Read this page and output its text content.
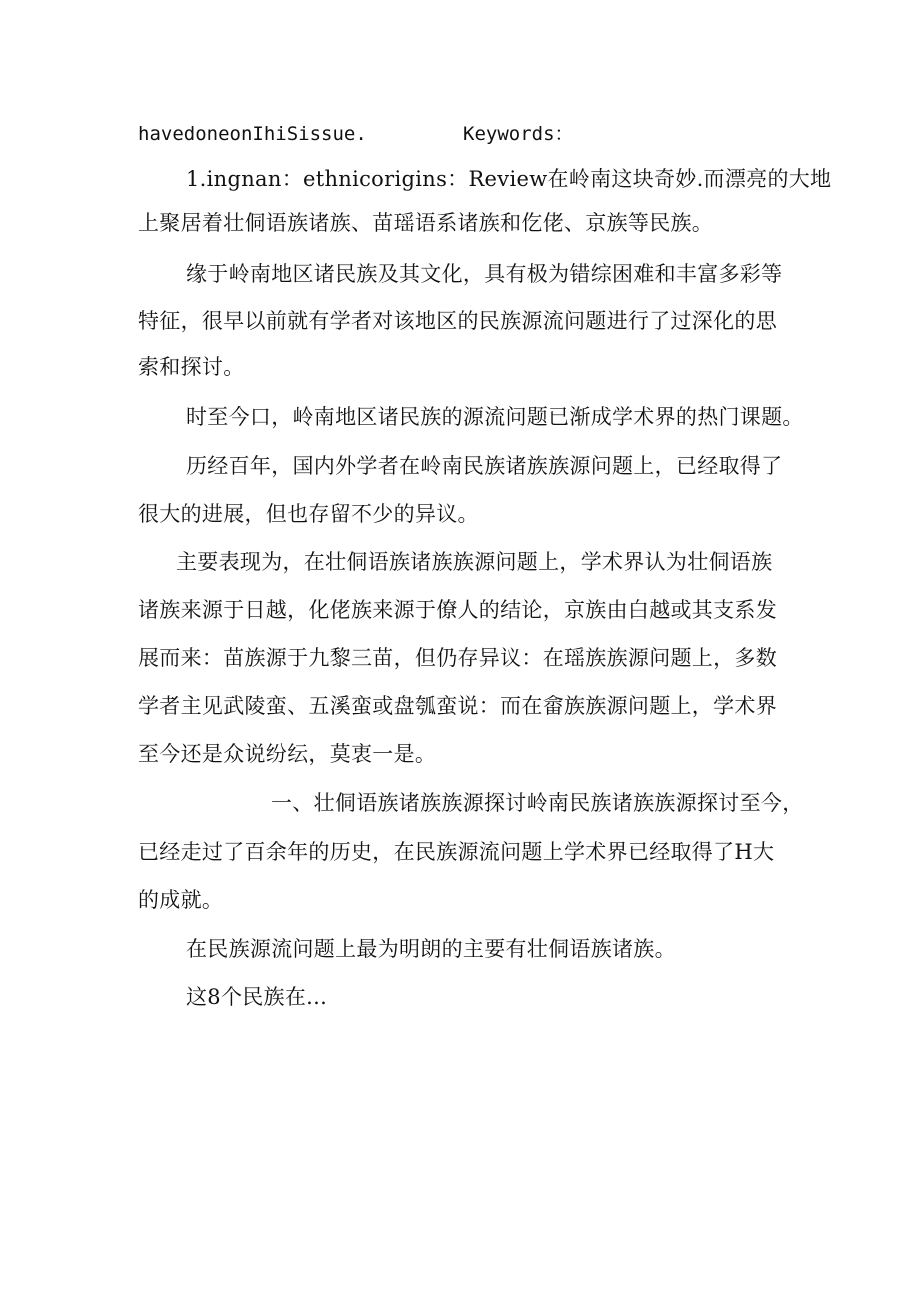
havedoneonIhiSissue.	Keywords：
1.ingnan：ethnicorigins：Review在岭南这块奇妙.而漂亮的大地
上聚居着壮侗语族诸族、苗瑶语系诸族和仡佬、京族等民族。
缘于岭南地区诸民族及其文化，具有极为错综困难和丰富多彩等
特征，很早以前就有学者对该地区的民族源流问题进行了过深化的思
索和探讨。
时至今口，岭南地区诸民族的源流问题已渐成学术界的热门课题。
历经百年，国内外学者在岭南民族诸族族源问题上，已经取得了
很大的进展，但也存留不少的异议。
主要表现为，在壮侗语族诸族族源问题上，学术界认为壮侗语族
诸族来源于日越，化佬族来源于僚人的结论，京族由白越或其支系发
展而来：苗族源于九黎三苗，但仍存异议：在瑶族族源问题上，多数
学者主见武陵蛮、五溪蛮或盘瓠蛮说：而在畲族族源问题上，学术界
至今还是众说纷纭，莫衷一是。
一、壮侗语族诸族族源探讨岭南民族诸族族源探讨至今，
已经走过了百余年的历史，在民族源流问题上学术界已经取得了H大
的成就。
在民族源流问题上最为明朗的主要有壮侗语族诸族。
这8个民族在...
